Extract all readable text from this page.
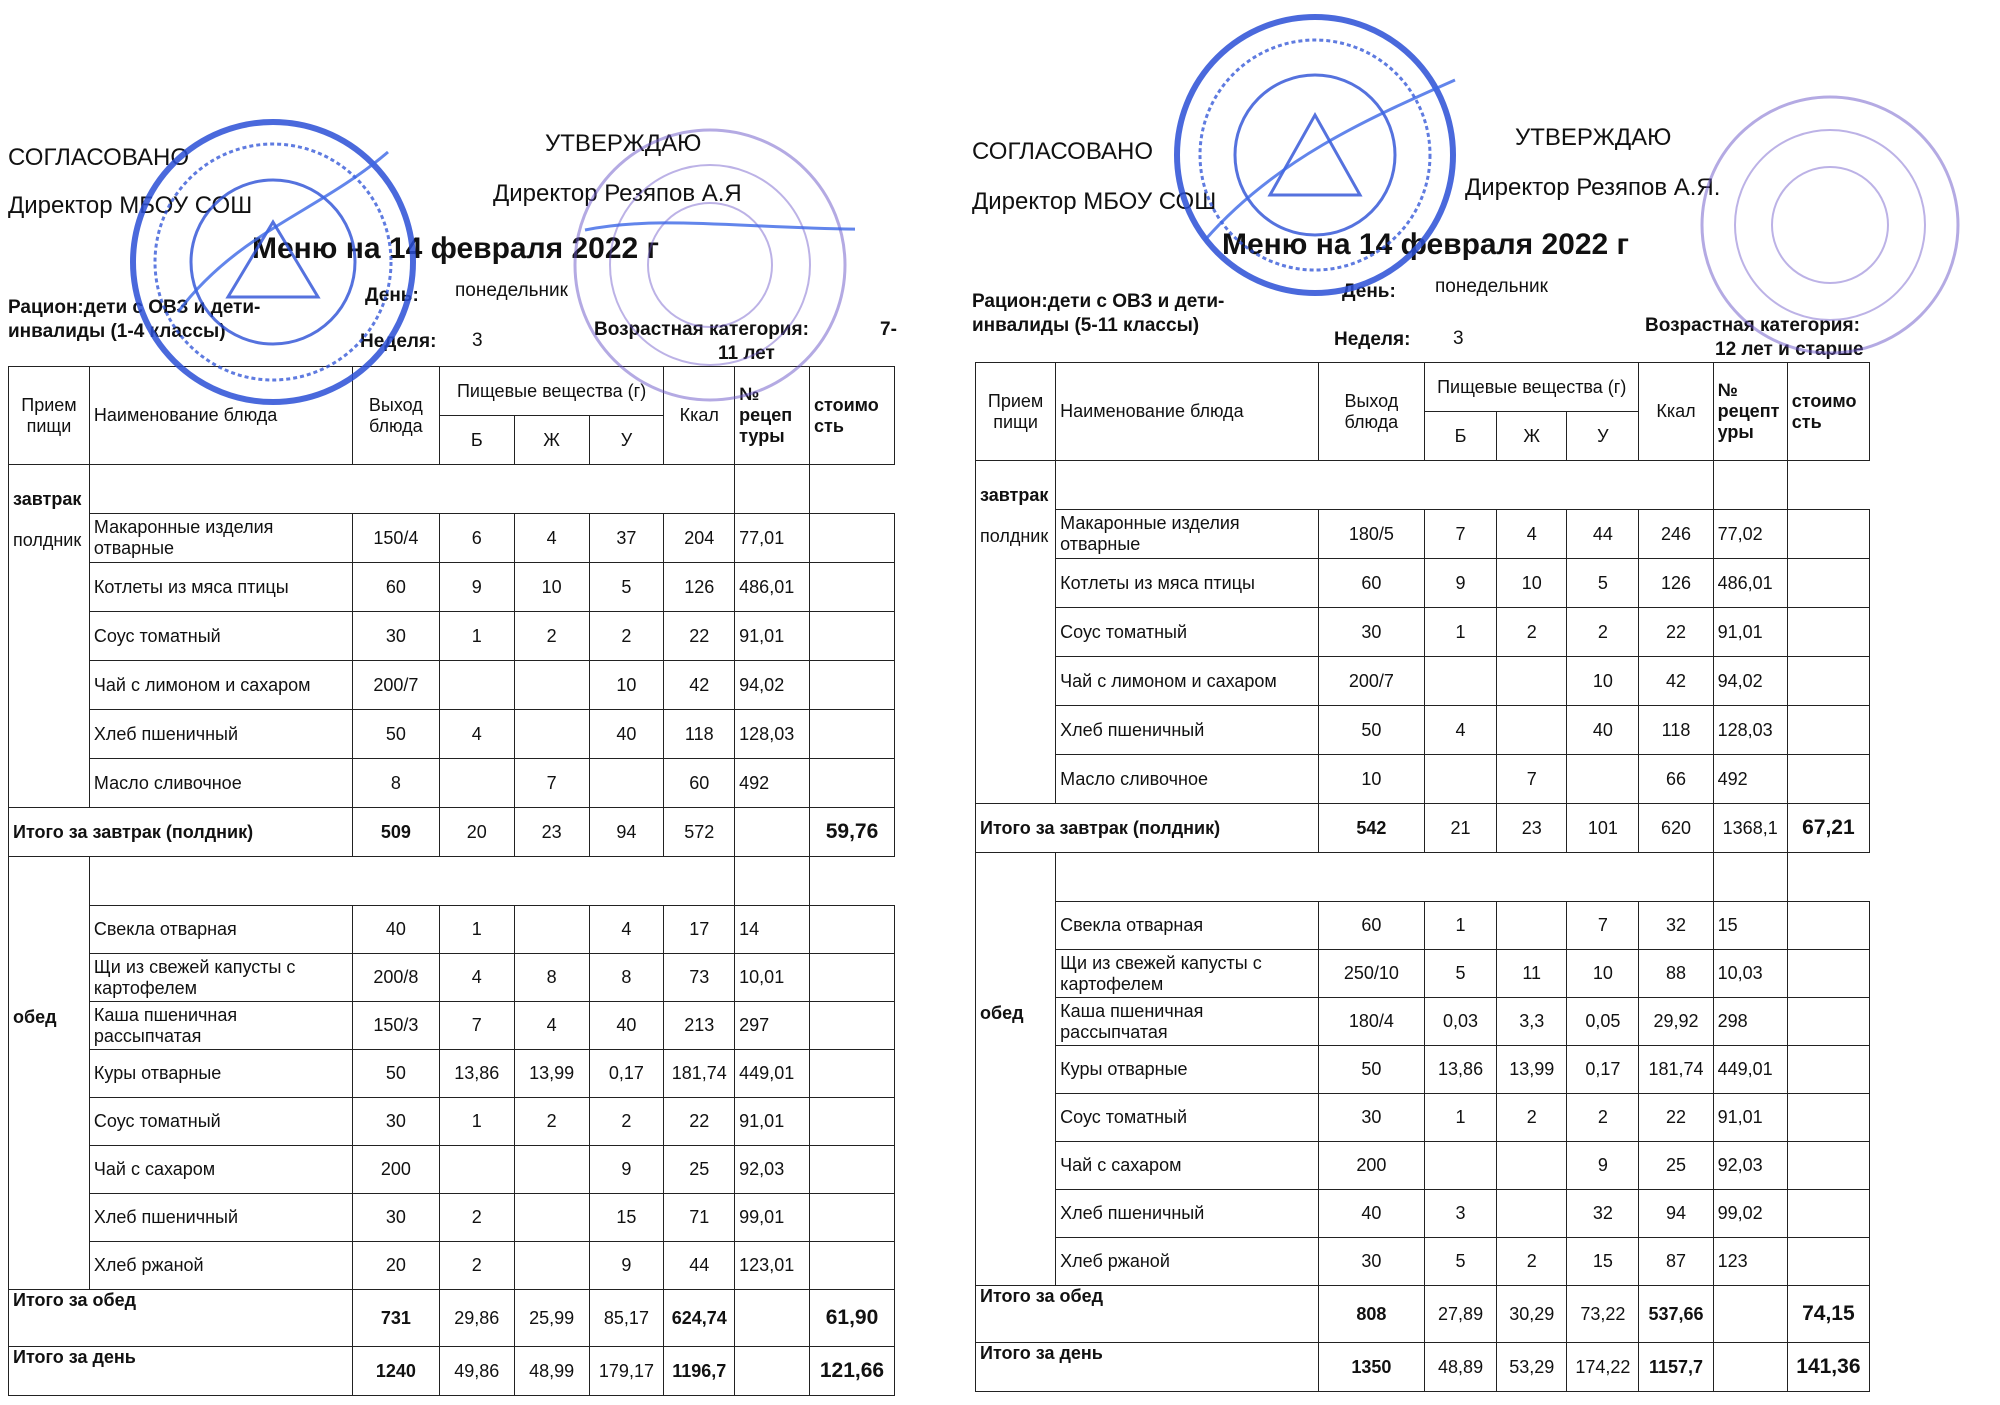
СОГЛАСОВАНО
Директор МБОУ СОШ
УТВЕРЖДАЮ
Директор Резяпов А.Я
Меню на 14 февраля 2022 г
Рацион:дети с ОВЗ и дети-
инвалиды (1-4 классы)
День: понедельник
Неделя: 3
Возрастная категория:	7-
11 лет
Прием пищи	Наименование блюда	Выход блюда	Пищевые вещества (г)			Ккал	№ рецеп туры	стоимо сть
			Б	Ж	У			

завтрак
полдник								

	Макаронные изделия отварные	150/4	6	4	37	204	77,01	
	Котлеты из мяса птицы	60	9	10	5	126	486,01	
	Соус томатный	30	1	2	2	22	91,01	
	Чай с лимоном и сахаром	200/7			10	42	94,02	
	Хлеб пшеничный	50	4		40	118	128,03	
	Масло сливочное	8		7		60	492	
Итого за завтрак (полдник)		509	20	23	94	572		59,76

обед								

	Свекла отварная	40	1		4	17	14	
	Щи из свежей капусты с картофелем	200/8	4	8	8	73	10,01	
	Каша пшеничная рассыпчатая	150/3	7	4	40	213	297	
	Куры отварные	50	13,86	13,99	0,17	181,74	449,01	
	Соус томатный	30	1	2	2	22	91,01	
	Чай с сахаром	200			9	25	92,03	
	Хлеб пшеничный	30	2		15	71	99,01	
	Хлеб ржаной	20	2		9	44	123,01	
Итого за обед		731	29,86	25,99	85,17	624,74		61,90
Итого за день		1240	49,86	48,99	179,17	1196,7		121,66
СОГЛАСОВАНО
Директор МБОУ СОШ
УТВЕРЖДАЮ
Директор Резяпов А.Я.
Меню на 14 февраля 2022 г
Рацион:дети с ОВЗ и дети-
инвалиды (5-11 классы)
День: понедельник
Неделя: 3
Возрастная категория:
12 лет и старше
Прием пищи	Наименование блюда	Выход блюда	Пищевые вещества (г)			Ккал	№ рецепт уры	стоимо сть
			Б	Ж	У			

завтрак
полдник								

	Макаронные изделия отварные	180/5	7	4	44	246	77,02	
	Котлеты из мяса птицы	60	9	10	5	126	486,01	
	Соус томатный	30	1	2	2	22	91,01	
	Чай с лимоном и сахаром	200/7			10	42	94,02	
	Хлеб пшеничный	50	4		40	118	128,03	
	Масло сливочное	10		7		66	492	
Итого за завтрак (полдник)		542	21	23	101	620	1368,1	67,21

обед								

	Свекла отварная	60	1		7	32	15	
	Щи из свежей капусты с картофелем	250/10	5	11	10	88	10,03	
	Каша пшеничная рассыпчатая	180/4	0,03	3,3	0,05	29,92	298	
	Куры отварные	50	13,86	13,99	0,17	181,74	449,01	
	Соус томатный	30	1	2	2	22	91,01	
	Чай с сахаром	200			9	25	92,03	
	Хлеб пшеничный	40	3		32	94	99,02	
	Хлеб ржаной	30	5	2	15	87	123	
Итого за обед		808	27,89	30,29	73,22	537,66		74,15
Итого за день		1350	48,89	53,29	174,22	1157,7		141,36
